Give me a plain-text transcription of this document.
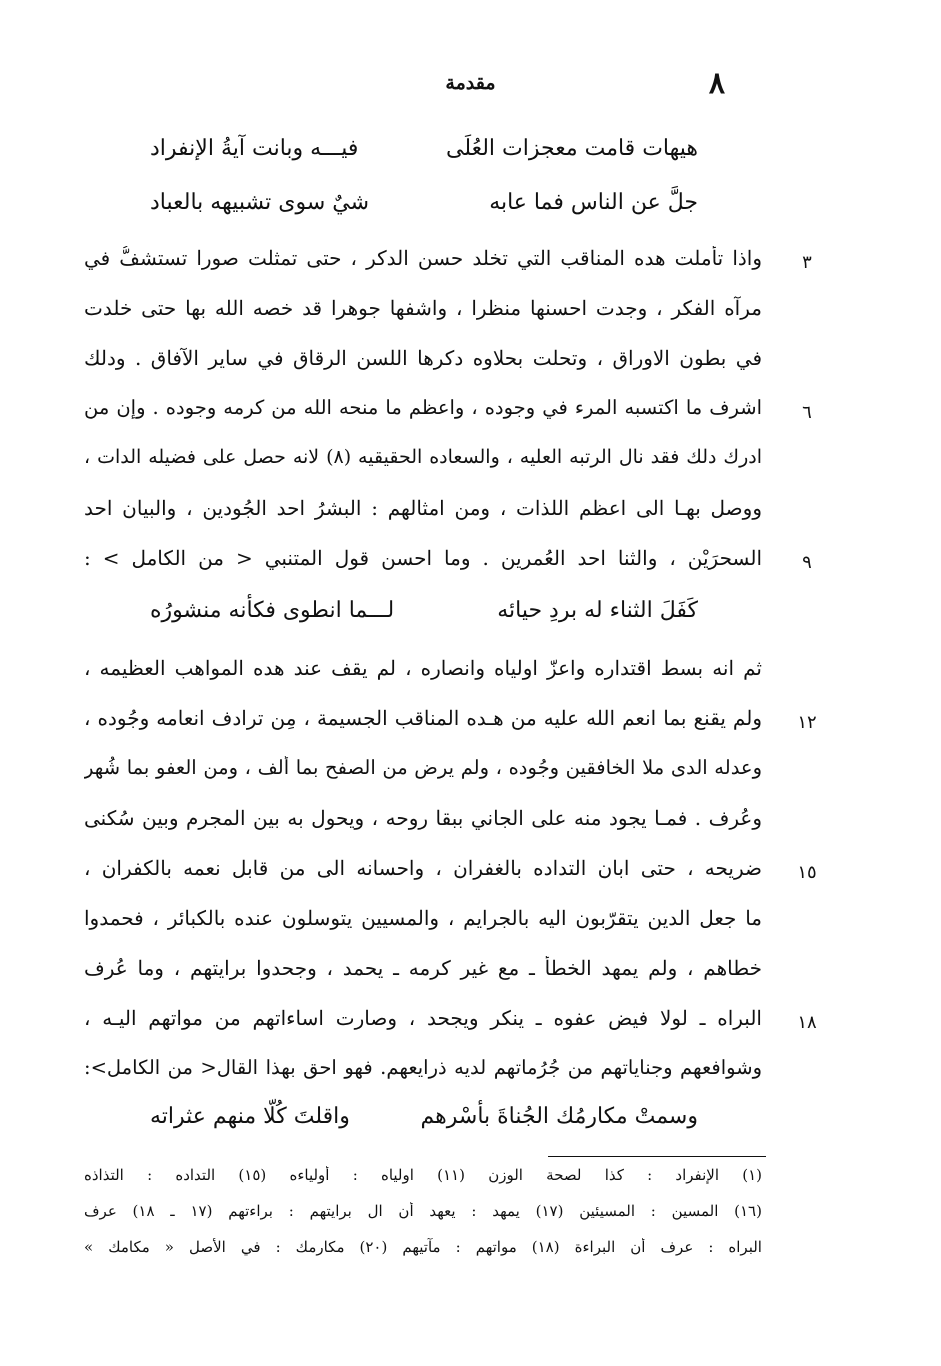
٨
مقدمة
هيهات قامت معجزات العُلَى
فيـــه وبانت آيةُ الإنفراد
جلَّ عن الناس فما عابه
شيٌ سوى تشبيهه بالعباد
واذا تأملت هده المناقب التي تخلد حسن الدكر ، حتى تمثلت صورا تستشفُّ في
مرآه الفكر ، وجدت احسنها منظرا ، واشفها جوهرا قد خصه الله بها حتى خلدت
في بطون الاوراق ، وتحلت بحلاوه دكرها اللسن الرقاق في ساير الآفاق . ودلك
اشرف ما اكتسبه المرء في وجوده ، واعظم ما منحه الله من كرمه وجوده . وإن من
ادرك دلك فقد نال الرتبه العليه ، والسعاده الحقيقيه (٨) لانه حصل على فضيله الدات ،
ووصل بهـا الى اعظم اللذات ، ومن امثالهم : البشرُ احد الجُودين ، والبيان احد
السحرَيْن ، والثنا احد العُمرين . وما احسن قول المتنبي < من الكامل > :
كَفَلَ الثناء له بردِ حيائه
لـــما انطوى فكأنه منشورُه
ثم انه بسط اقتداره واعزّ اولياه وانصاره ، لم يقف عند هده المواهب العظيمه ،
ولم يقنع بما انعم الله عليه من هـده المناقب الجسيمة ، مِن ترادف انعامه وجُوده ،
وعدله الدى ملا الخافقين وجُوده ، ولم يرض من الصفح بما أُلف ، ومن العفو بما شُهر
وعُرف . فمـا يجود منه على الجاني ببقا روحه ، ويحول به بين المجرم وبين سُكنى
ضريحه ، حتى ابان التداده بالغفران ، واحسانه الى من قابل نعمه بالكفران ،
ما جعل الدين يتقرّبون اليه بالجرايم ، والمسيين يتوسلون عنده بالكبائر ، فحمدوا
خطاهم ، ولم يمهد الخطأ ـ مع غير كرمه ـ يحمد ، وجحدوا برايتهم ، وما عُرف
البراه ـ لولا فيض عفوه ـ ينكر ويجحد ، وصارت اساءاتهم من مواتهم اليـه ،
وشوافعهم وجناياتهم من جُرُماتهم لديه ذرايعهم. فهو احق بهذا القال< من الكامل>:
وسمتْ مكارمُك الجُناةَ بأسْرهم
واقلتَ كُلّا منهم عثراته
٣
٦
٩
١٢
١٥
١٨
(١) الإنفراد : كذا لصحة الوزن (١١) اولياه : أولياءه (١٥) التداده : التذاذه
(١٦) المسين : المسيئين (١٧) يمهد : يعهد أن ال برايتهم : براءتهم (١٧ ـ ١٨) عرف
البراه : عرف أن البراءة (١٨) مواتهم : مآتيهم (٢٠) مكارمك : في الأصل « مكامك »
